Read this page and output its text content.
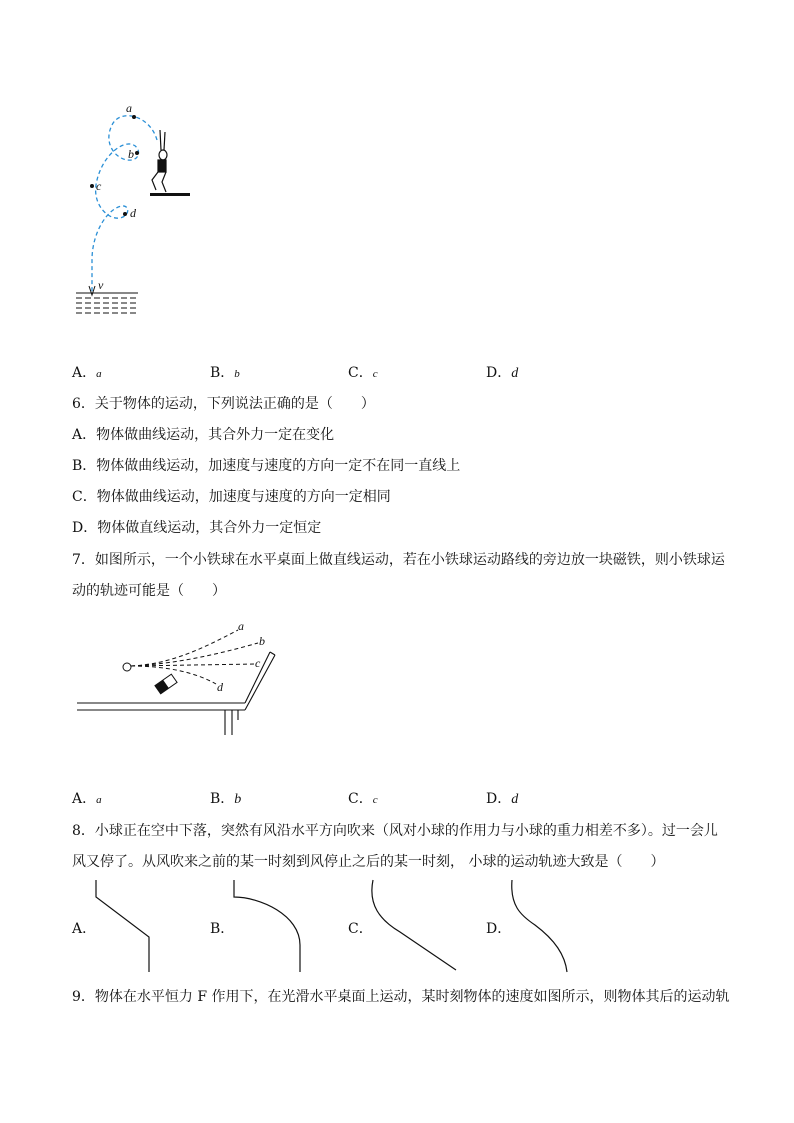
a
b
c
d
v
A．a	B．b	C．c	D．d
6．关于物体的运动，下列说法正确的是（　　）
A．物体做曲线运动，其合外力一定在变化
B．物体做曲线运动，加速度与速度的方向一定不在同一直线上
C．物体做曲线运动，加速度与速度的方向一定相同
D．物体做直线运动，其合外力一定恒定
7．如图所示，一个小铁球在水平桌面上做直线运动，若在小铁球运动路线的旁边放一块磁铁，则小铁球运
动的轨迹可能是（　　）
a
b
c
d
A．a	B．b	C．c	D．d
8．小球正在空中下落，突然有风沿水平方向吹来（风对小球的作用力与小球的重力相差不多）。过一会儿
风又停了。从风吹来之前的某一时刻到风停止之后的某一时刻， 小球的运动轨迹大致是（　　）
A．	B．	C．	D．
9．物体在水平恒力 F 作用下，在光滑水平桌面上运动，某时刻物体的速度如图所示，则物体其后的运动轨
